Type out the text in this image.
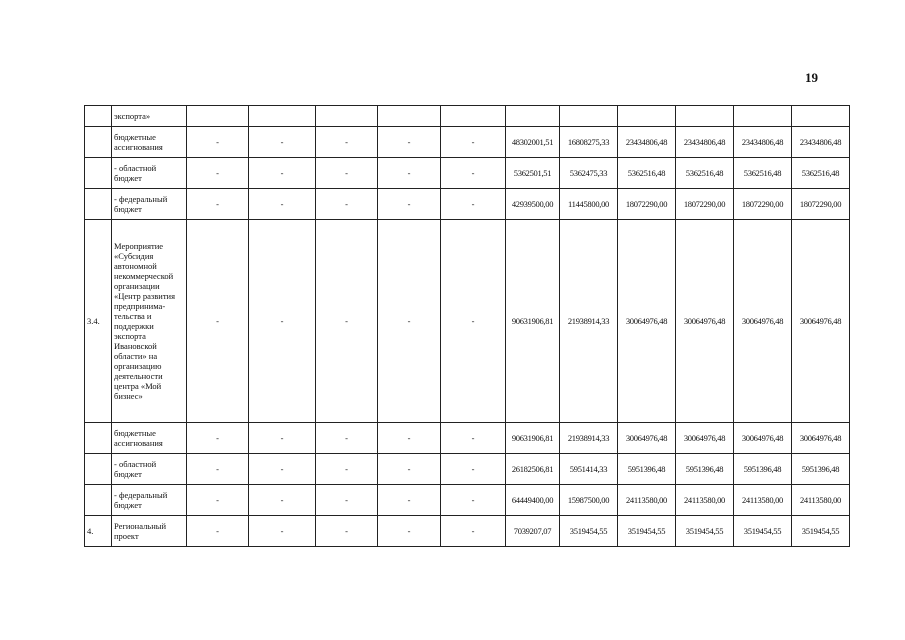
19
	экспорта»											
	бюджетные ассигнования	-	-	-	-	-	48302001,51	16808275,33	23434806,48	23434806,48	23434806,48	23434806,48
	- областной бюджет	-	-	-	-	-	5362501,51	5362475,33	5362516,48	5362516,48	5362516,48	5362516,48
	- федеральный бюджет	-	-	-	-	-	42939500,00	11445800,00	18072290,00	18072290,00	18072290,00	18072290,00
3.4.	Мероприятие «Субсидия автономной некоммерческой организации «Центр развития предпринима-тельства и поддержки экспорта Ивановской области» на организацию деятельности центра «Мой бизнес»	-	-	-	-	-	90631906,81	21938914,33	30064976,48	30064976,48	30064976,48	30064976,48
	бюджетные ассигнования	-	-	-	-	-	90631906,81	21938914,33	30064976,48	30064976,48	30064976,48	30064976,48
	- областной бюджет	-	-	-	-	-	26182506,81	5951414,33	5951396,48	5951396,48	5951396,48	5951396,48
	- федеральный бюджет	-	-	-	-	-	64449400,00	15987500,00	24113580,00	24113580,00	24113580,00	24113580,00
4.	Региональный проект	-	-	-	-	-	7039207,07	3519454,55	3519454,55	3519454,55	3519454,55	3519454,55
